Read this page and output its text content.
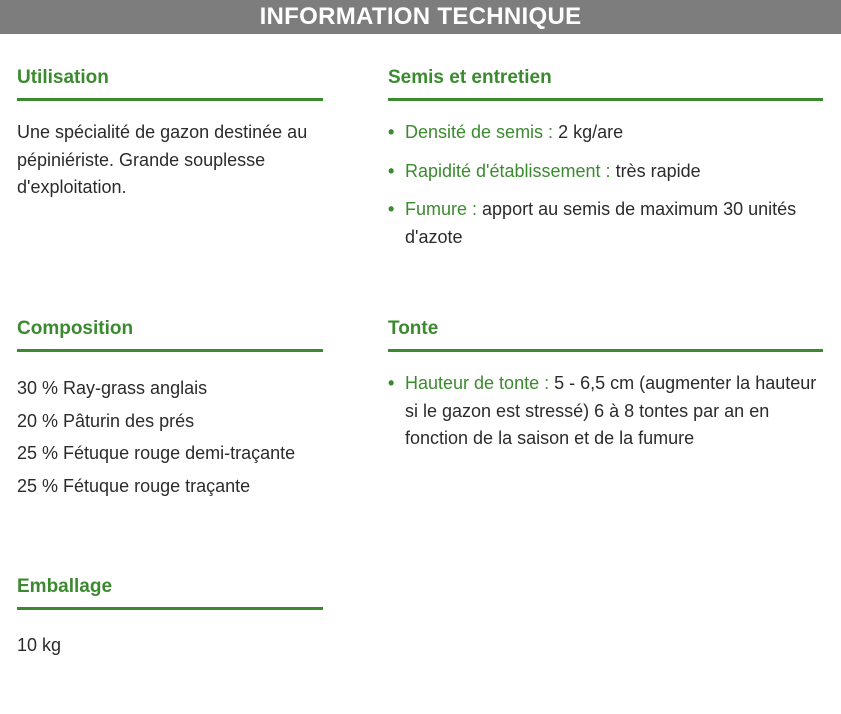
INFORMATION TECHNIQUE
Utilisation

Une spécialité de gazon destinée au pépiniériste. Grande souplesse d'exploitation.

Semis et entretien
• Densité de semis : 2 kg/are
• Rapidité d'établissement : très rapide
• Fumure : apport au semis de maximum 30 unités d'azote
Composition
30 % Ray-grass anglais
20 % Pâturin des prés
25 % Fétuque rouge demi-traçante
25 % Fétuque rouge traçante
Tonte
• Hauteur de tonte : 5 - 6,5 cm (augmenter la hauteur si le gazon est stressé) 6 à 8 tontes par an en fonction de la saison et de la fumure
Emballage

10 kg
